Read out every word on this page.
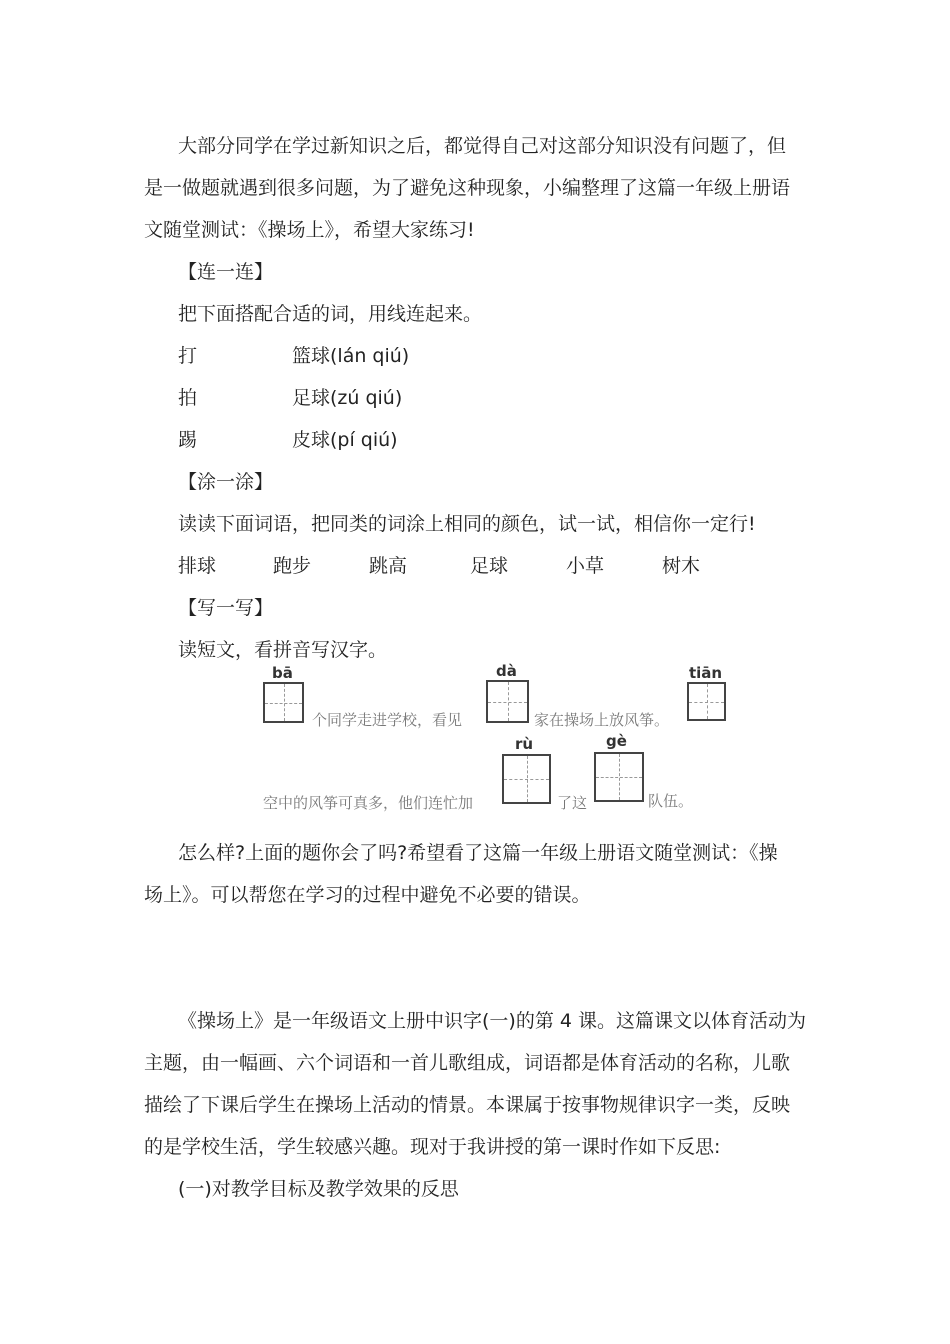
大部分同学在学过新知识之后，都觉得自己对这部分知识没有问题了，但
是一做题就遇到很多问题，为了避免这种现象，小编整理了这篇一年级上册语
文随堂测试：《操场上》，希望大家练习!
【连一连】
把下面搭配合适的词，用线连起来。
打	篮球(lán qiú)
拍	足球(zú qiú)
踢	皮球(pí qiú)
【涂一涂】
读读下面词语，把同类的词涂上相同的颜色，试一试，相信你一定行!
排球	跑步	跳高	足球	小草	树木
【写一写】
读短文，看拼音写汉字。
bā
个同学走进学校，看见
dà
家在操场上放风筝。
tiān
空中的风筝可真多，他们连忙加
rù
了这
gè
队伍。
怎么样?上面的题你会了吗?希望看了这篇一年级上册语文随堂测试：《操
场上》。可以帮您在学习的过程中避免不必要的错误。
《操场上》是一年级语文上册中识字(一)的第 4 课。这篇课文以体育活动为
主题，由一幅画、六个词语和一首儿歌组成，词语都是体育活动的名称，儿歌
描绘了下课后学生在操场上活动的情景。本课属于按事物规律识字一类，反映
的是学校生活，学生较感兴趣。现对于我讲授的第一课时作如下反思:
(一)对教学目标及教学效果的反思
